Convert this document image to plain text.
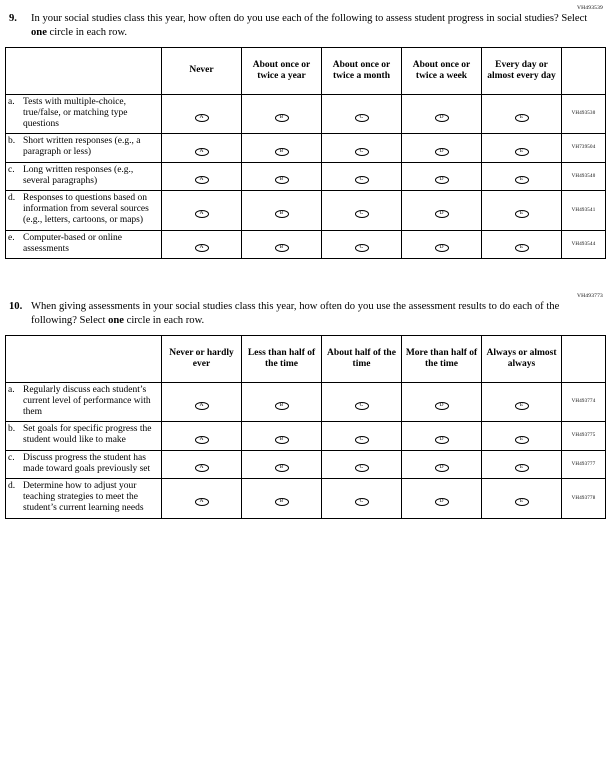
VH493539
9.	In your social studies class this year, how often do you use each of the following to assess student progress in social studies? Select one circle in each row.
	Never	About once or twice a year	About once or twice a month	About once or twice a week	Every day or almost every day	

a. Tests with multiple-choice, true/false, or matching type questions	A	B	C	D	E	VH493530

b. Short written responses (e.g., a paragraph or less)	A	B	C	D	E	VH739504

c. Long written responses (e.g., several paragraphs)	A	B	C	D	E	VH493540

d. Responses to questions based on information from several sources (e.g., letters, cartoons, or maps)	A	B	C	D	E	VH493541

e. Computer-based or online assessments	A	B	C	D	E	VH493544
VH493773
10. When giving assessments in your social studies class this year, how often do you use the assessment results to do each of the following? Select one circle in each row.
	Never or hardly ever	Less than half of the time	About half of the time	More than half of the time	Always or almost always	

a. Regularly discuss each student’s current level of performance with them	A	B	C	D	E	VH493774

b. Set goals for specific progress the student would like to make	A	B	C	D	E	VH493775

c. Discuss progress the student has made toward goals previously set	A	B	C	D	E	VH493777

d. Determine how to adjust your teaching strategies to meet the student’s current learning needs	A	B	C	D	E	VH493778
